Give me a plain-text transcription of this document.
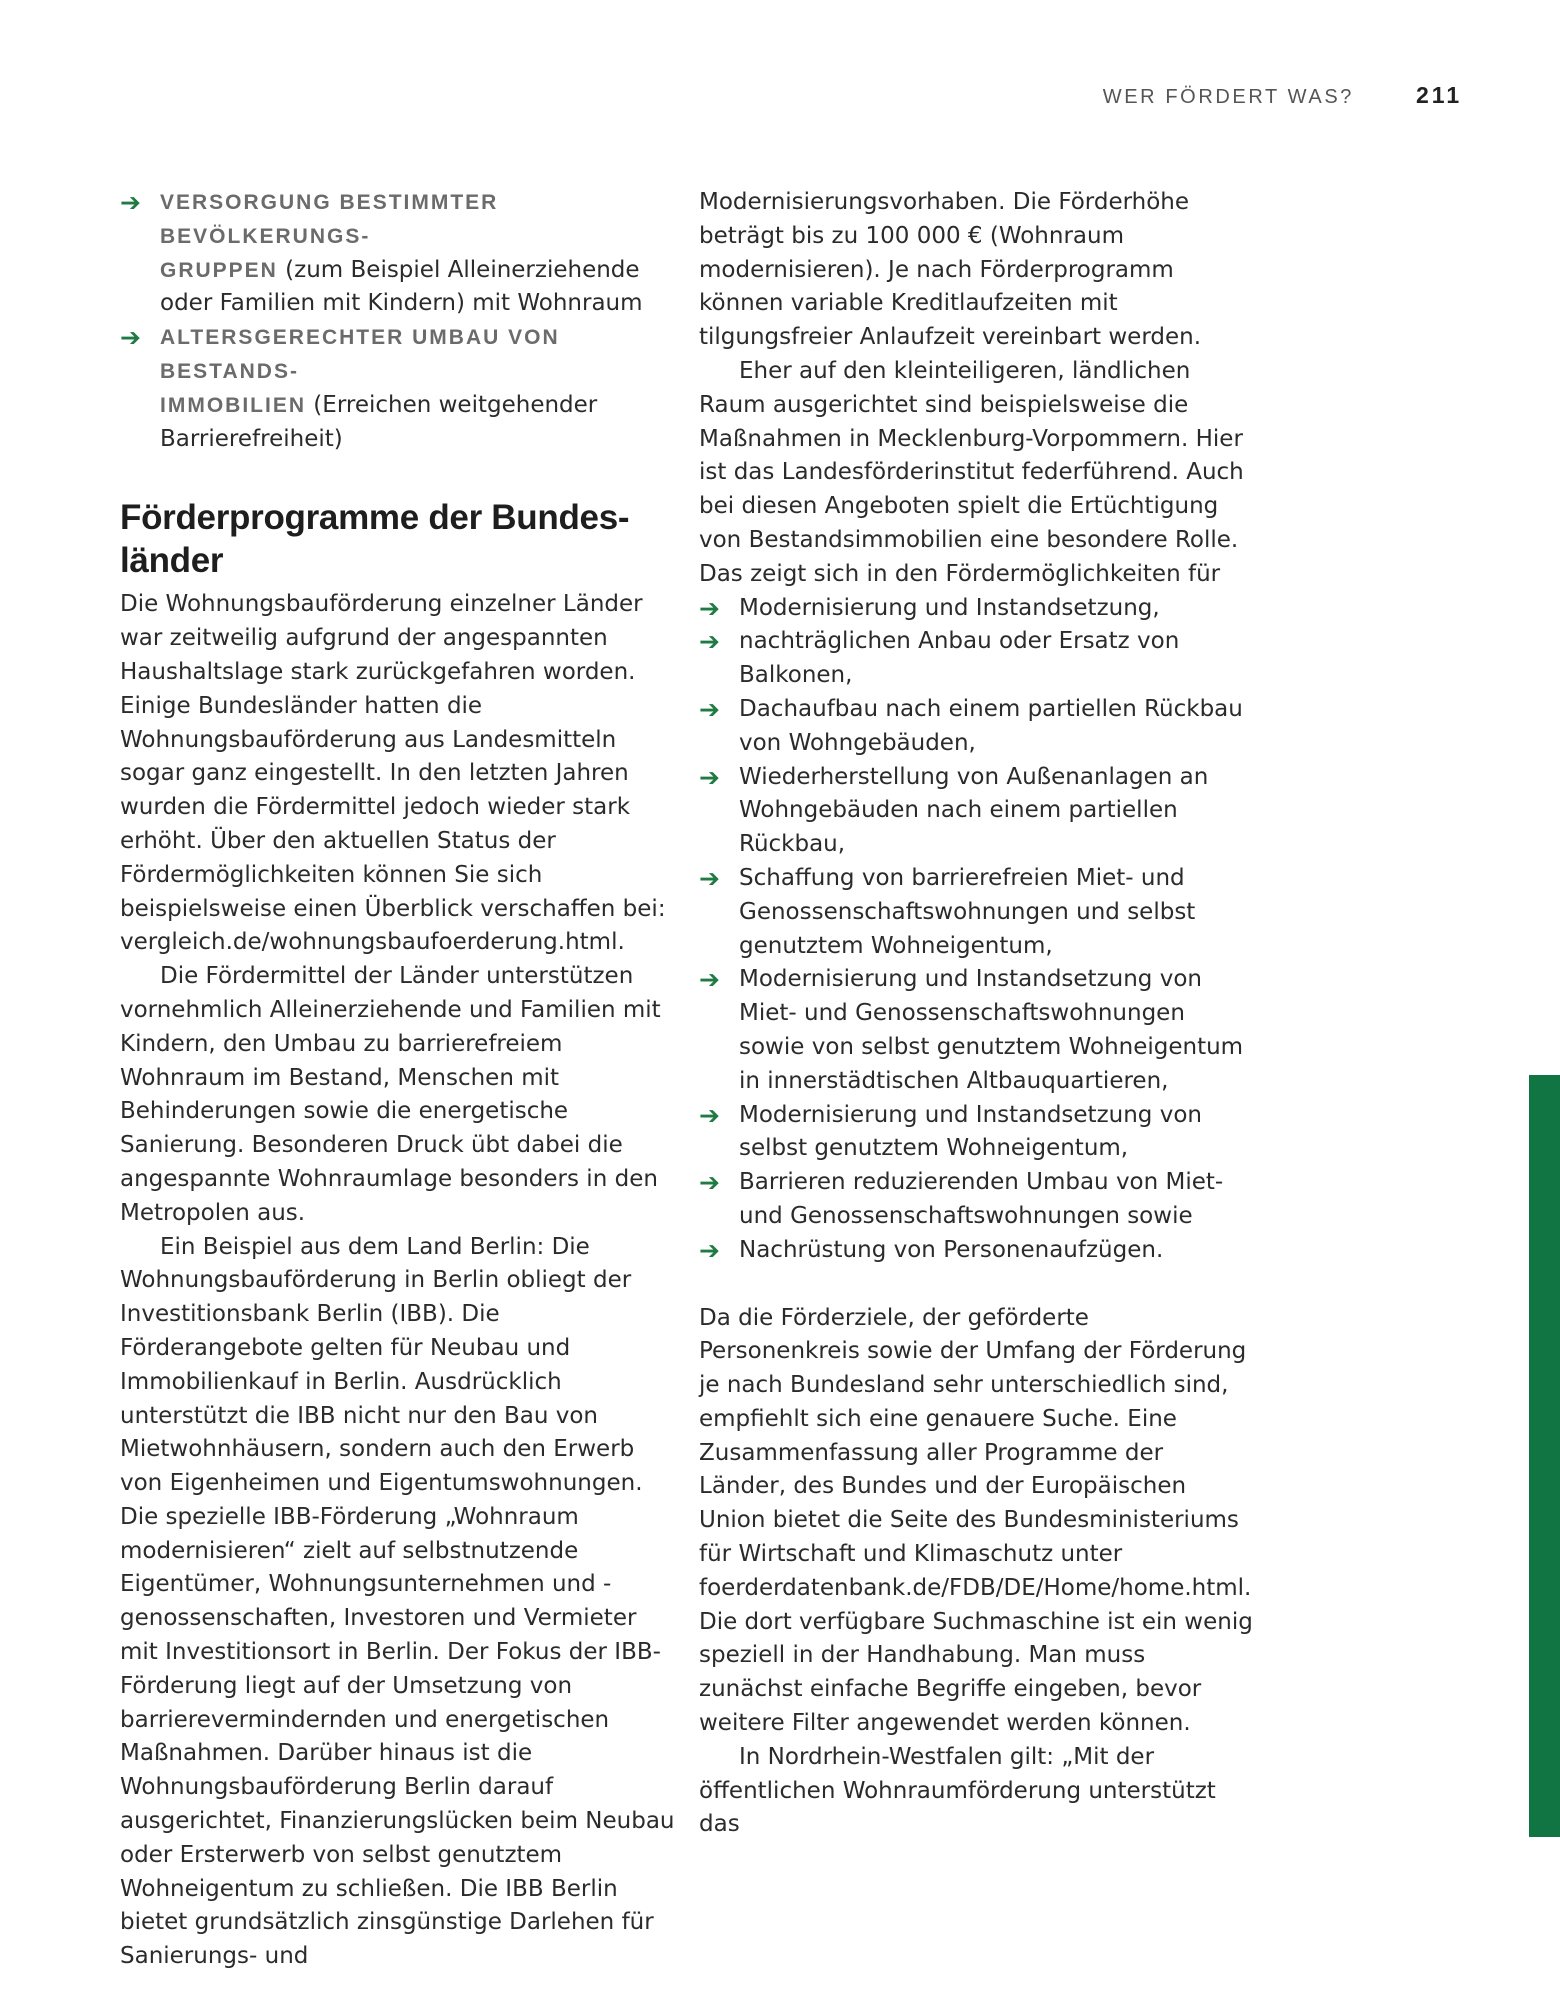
WER FÖRDERT WAS?	211
➔ VERSORGUNG BESTIMMTER BEVÖLKERUNGS-
GRUPPEN (zum Beispiel Alleinerziehende oder Familien mit Kindern) mit Wohnraum
➔ ALTERSGERECHTER UMBAU VON BESTANDS-
IMMOBILIEN (Erreichen weitgehender Barrierefreiheit)
Förderprogramme der Bundes-
länder

Die Wohnungsbauförderung einzelner Länder war zeitweilig aufgrund der angespannten Haushaltslage stark zurückgefahren worden. Einige Bundesländer hatten die Wohnungsbauförderung aus Landesmitteln sogar ganz eingestellt. In den letzten Jahren wurden die Fördermittel jedoch wieder stark erhöht. Über den aktuellen Status der Fördermöglichkeiten können Sie sich beispielsweise einen Überblick verschaffen bei: vergleich.de/wohnungsbaufoerderung.html.

Die Fördermittel der Länder unterstützen vornehmlich Alleinerziehende und Familien mit Kindern, den Umbau zu barrierefreiem Wohnraum im Bestand, Menschen mit Behinderungen sowie die energetische Sanierung. Besonderen Druck übt dabei die angespannte Wohnraumlage besonders in den Metropolen aus.

Ein Beispiel aus dem Land Berlin: Die Wohnungsbauförderung in Berlin obliegt der Investitionsbank Berlin (IBB). Die Förderangebote gelten für Neubau und Immobilienkauf in Berlin. Ausdrücklich unterstützt die IBB nicht nur den Bau von Mietwohnhäusern, sondern auch den Erwerb von Eigenheimen und Eigentumswohnungen. Die spezielle IBB-Förderung „Wohnraum modernisieren“ zielt auf selbstnutzende Eigentümer, Wohnungsunternehmen und -genossenschaften, Investoren und Vermieter mit Investitionsort in Berlin. Der Fokus der IBB-Förderung liegt auf der Umsetzung von barrierevermindernden und energetischen Maßnahmen. Darüber hinaus ist die Wohnungsbauförderung Berlin darauf ausgerichtet, Finanzierungslücken beim Neubau oder Ersterwerb von selbst genutztem Wohneigentum zu schließen. Die IBB Berlin bietet grundsätzlich zinsgünstige Darlehen für Sanierungs- und

Modernisierungsvorhaben. Die Förderhöhe beträgt bis zu 100 000 € (Wohnraum modernisieren). Je nach Förderprogramm können variable Kreditlaufzeiten mit tilgungsfreier Anlaufzeit vereinbart werden.

Eher auf den kleinteiligeren, ländlichen Raum ausgerichtet sind beispielsweise die Maßnahmen in Mecklenburg-Vorpommern. Hier ist das Landesförderinstitut federführend. Auch bei diesen Angeboten spielt die Ertüchtigung von Bestandsimmobilien eine besondere Rolle. Das zeigt sich in den Fördermöglichkeiten für

➔ Modernisierung und Instandsetzung,
➔ nachträglichen Anbau oder Ersatz von Balkonen,
➔ Dachaufbau nach einem partiellen Rückbau von Wohngebäuden,
➔ Wiederherstellung von Außenanlagen an Wohngebäuden nach einem partiellen Rückbau,
➔ Schaffung von barrierefreien Miet- und Genossenschaftswohnungen und selbst genutztem Wohneigentum,
➔ Modernisierung und Instandsetzung von Miet- und Genossenschaftswohnungen sowie von selbst genutztem Wohneigentum in innerstädtischen Altbauquartieren,
➔ Modernisierung und Instandsetzung von selbst genutztem Wohneigentum,
➔ Barrieren reduzierenden Umbau von Miet- und Genossenschaftswohnungen sowie
➔ Nachrüstung von Personenaufzügen.

Da die Förderziele, der geförderte Personenkreis sowie der Umfang der Förderung je nach Bundesland sehr unterschiedlich sind, empfiehlt sich eine genauere Suche. Eine Zusammenfassung aller Programme der Länder, des Bundes und der Europäischen Union bietet die Seite des Bundesministeriums für Wirtschaft und Klimaschutz unter foerderdatenbank.de/FDB/DE/Home/home.html. Die dort verfügbare Suchmaschine ist ein wenig speziell in der Handhabung. Man muss zunächst einfache Begriffe eingeben, bevor weitere Filter angewendet werden können.

In Nordrhein-Westfalen gilt: „Mit der öffentlichen Wohnraumförderung unterstützt das
